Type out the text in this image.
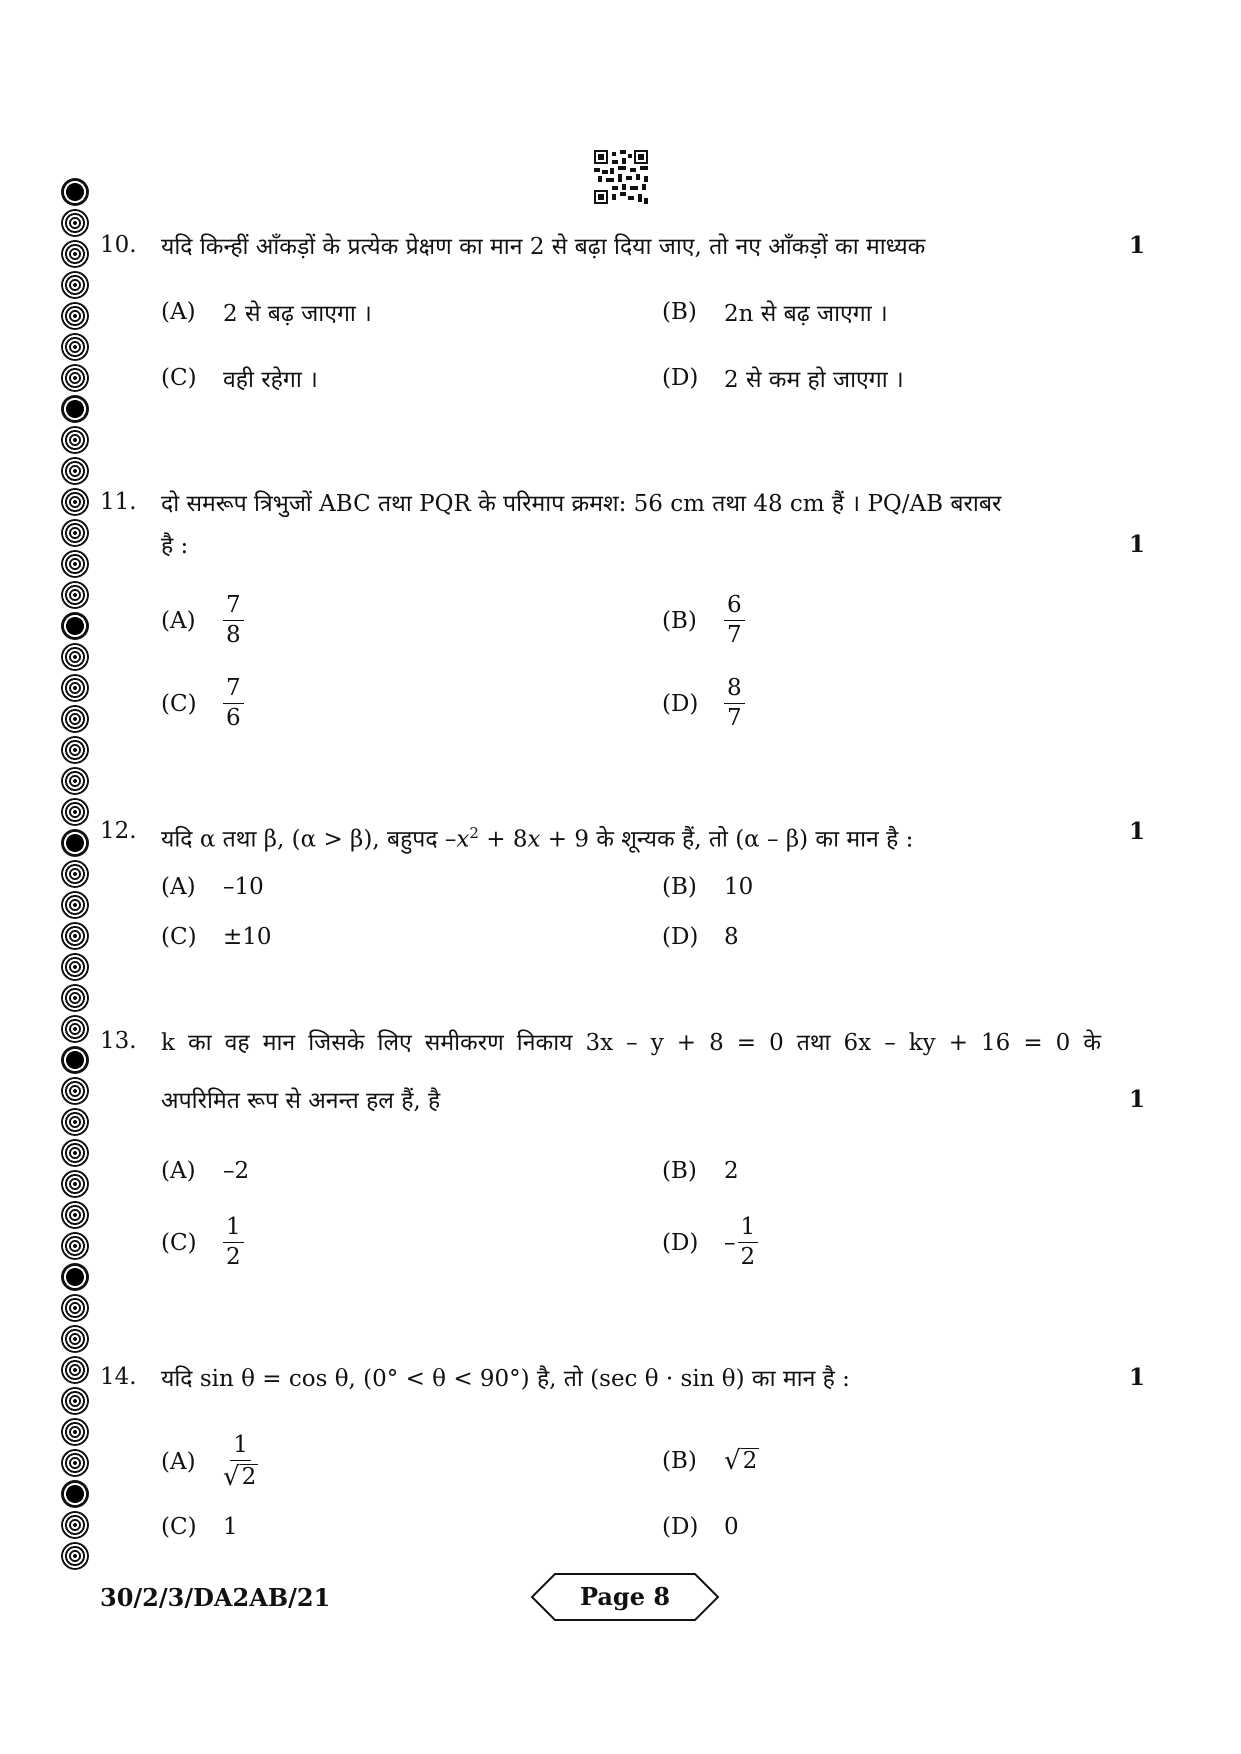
10. यदि किन्हीं आँकड़ों के प्रत्येक प्रेक्षण का मान 2 से बढ़ा दिया जाए, तो नए आँकड़ों का माध्यक	1
(A)	2 से बढ़ जाएगा ।	(B)	2n से बढ़ जाएगा ।
(C)	वही रहेगा ।	(D)	2 से कम हो जाएगा ।
11. दो समरूप त्रिभुजों ABC तथा PQR के परिमाप क्रमश: 56 cm तथा 48 cm हैं । PQ/AB बराबर
है :	1
(A)	$\frac{7}{8}$	(B)	$\frac{6}{7}$
(C)	$\frac{7}{6}$	(D)	$\frac{8}{7}$
12. यदि α तथा β, (α > β), बहुपद $-x^2 + 8x + 9$ के शून्यक हैं, तो (α – β) का मान है :	1
(A)	–10	(B)	10
(C)	±10	(D)	8
13. k का वह मान जिसके लिए समीकरण निकाय 3x – y + 8 = 0 तथा 6x – ky + 16 = 0 के
अपरिमित रूप से अनन्त हल हैं, है	1
(A)	–2	(B)	2
(C)	$\frac{1}{2}$	(D)	– $\frac{1}{2}$
14. यदि sin θ = cos θ, (0° < θ < 90°) है, तो (sec θ · sin θ) का मान है :	1
(A)	$\frac{1}{√ 2}$	(B)	√ 2
(C)	1	(D)	0
30/2/3/DA2AB/21	Page 8
